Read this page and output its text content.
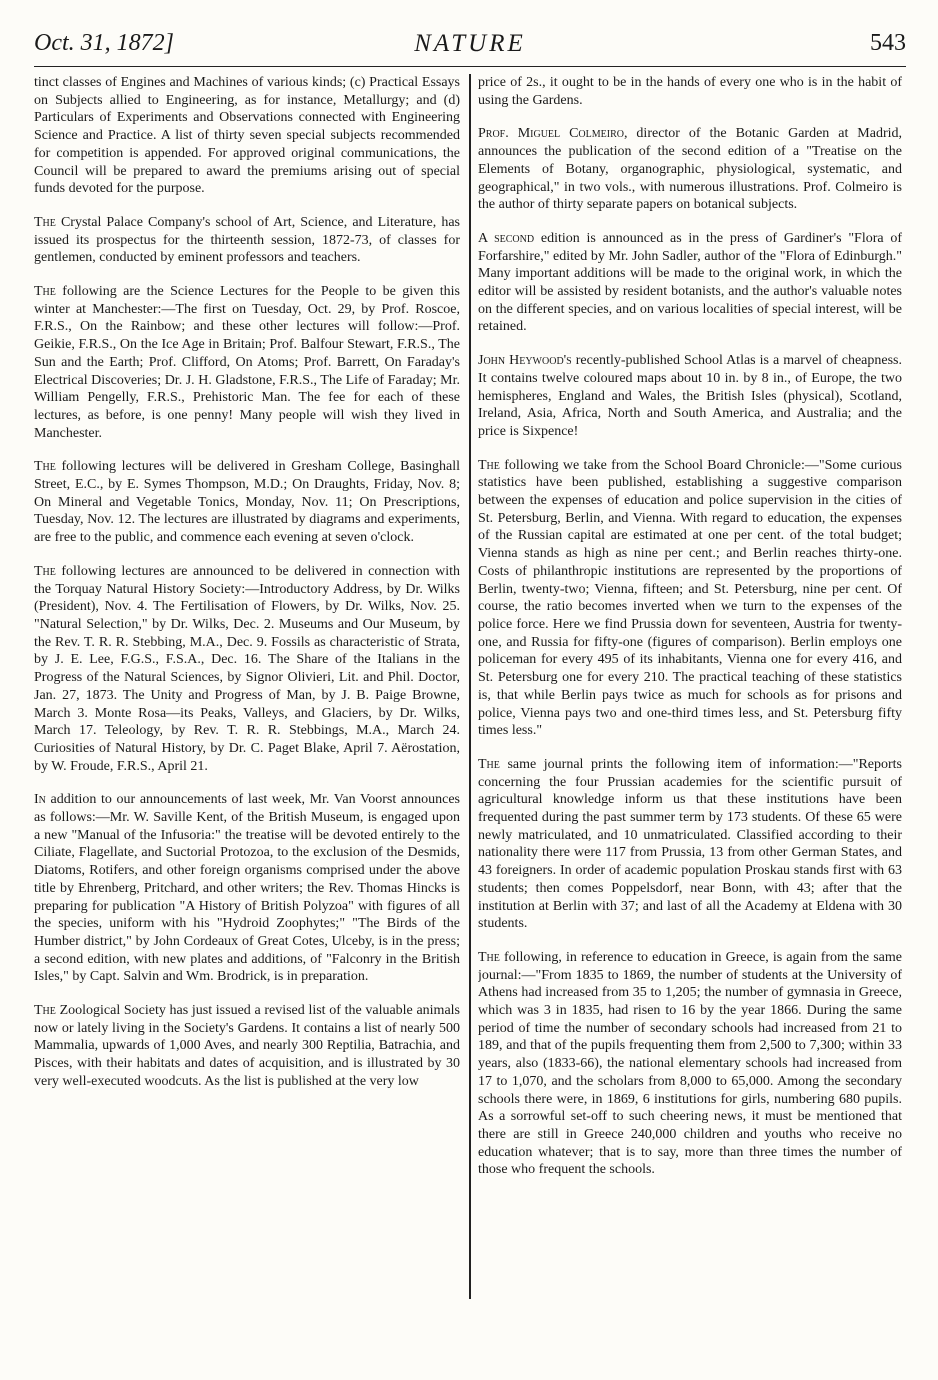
Oct. 31, 1872]	NATURE	543

tinct classes of Engines and Machines of various kinds; (c) Practical Essays on Subjects allied to Engineering, as for instance, Metallurgy; and (d) Particulars of Experiments and Observations connected with Engineering Science and Practice. A list of thirty seven special subjects recommended for competition is appended. For approved original communications, the Council will be prepared to award the premiums arising out of special funds devoted for the purpose.

The Crystal Palace Company's school of Art, Science, and Literature, has issued its prospectus for the thirteenth session, 1872-73, of classes for gentlemen, conducted by eminent professors and teachers.

The following are the Science Lectures for the People to be given this winter at Manchester:—The first on Tuesday, Oct. 29, by Prof. Roscoe, F.R.S., On the Rainbow; and these other lectures will follow:—Prof. Geikie, F.R.S., On the Ice Age in Britain; Prof. Balfour Stewart, F.R.S., The Sun and the Earth; Prof. Clifford, On Atoms; Prof. Barrett, On Faraday's Electrical Discoveries; Dr. J. H. Gladstone, F.R.S., The Life of Faraday; Mr. William Pengelly, F.R.S., Prehistoric Man. The fee for each of these lectures, as before, is one penny! Many people will wish they lived in Manchester.

The following lectures will be delivered in Gresham College, Basinghall Street, E.C., by E. Symes Thompson, M.D.; On Draughts, Friday, Nov. 8; On Mineral and Vegetable Tonics, Monday, Nov. 11; On Prescriptions, Tuesday, Nov. 12. The lectures are illustrated by diagrams and experiments, are free to the public, and commence each evening at seven o'clock.

The following lectures are announced to be delivered in connection with the Torquay Natural History Society:—Introductory Address, by Dr. Wilks (President), Nov. 4. The Fertilisation of Flowers, by Dr. Wilks, Nov. 25. "Natural Selection," by Dr. Wilks, Dec. 2. Museums and Our Museum, by the Rev. T. R. R. Stebbing, M.A., Dec. 9. Fossils as characteristic of Strata, by J. E. Lee, F.G.S., F.S.A., Dec. 16. The Share of the Italians in the Progress of the Natural Sciences, by Signor Olivieri, Lit. and Phil. Doctor, Jan. 27, 1873. The Unity and Progress of Man, by J. B. Paige Browne, March 3. Monte Rosa—its Peaks, Valleys, and Glaciers, by Dr. Wilks, March 17. Teleology, by Rev. T. R. R. Stebbings, M.A., March 24. Curiosities of Natural History, by Dr. C. Paget Blake, April 7. Aërostation, by W. Froude, F.R.S., April 21.

In addition to our announcements of last week, Mr. Van Voorst announces as follows:—Mr. W. Saville Kent, of the British Museum, is engaged upon a new "Manual of the Infusoria:" the treatise will be devoted entirely to the Ciliate, Flagellate, and Suctorial Protozoa, to the exclusion of the Desmids, Diatoms, Rotifers, and other foreign organisms comprised under the above title by Ehrenberg, Pritchard, and other writers; the Rev. Thomas Hincks is preparing for publication "A History of British Polyzoa" with figures of all the species, uniform with his "Hydroid Zoophytes;" "The Birds of the Humber district," by John Cordeaux of Great Cotes, Ulceby, is in the press; a second edition, with new plates and additions, of "Falconry in the British Isles," by Capt. Salvin and Wm. Brodrick, is in preparation.

The Zoological Society has just issued a revised list of the valuable animals now or lately living in the Society's Gardens. It contains a list of nearly 500 Mammalia, upwards of 1,000 Aves, and nearly 300 Reptilia, Batrachia, and Pisces, with their habitats and dates of acquisition, and is illustrated by 30 very well-executed woodcuts. As the list is published at the very low

price of 2s., it ought to be in the hands of every one who is in the habit of using the Gardens.

Prof. Miguel Colmeiro, director of the Botanic Garden at Madrid, announces the publication of the second edition of a "Treatise on the Elements of Botany, organographic, physiological, systematic, and geographical," in two vols., with numerous illustrations. Prof. Colmeiro is the author of thirty separate papers on botanical subjects.

A second edition is announced as in the press of Gardiner's "Flora of Forfarshire," edited by Mr. John Sadler, author of the "Flora of Edinburgh." Many important additions will be made to the original work, in which the editor will be assisted by resident botanists, and the author's valuable notes on the different species, and on various localities of special interest, will be retained.

John Heywood's recently-published School Atlas is a marvel of cheapness. It contains twelve coloured maps about 10 in. by 8 in., of Europe, the two hemispheres, England and Wales, the British Isles (physical), Scotland, Ireland, Asia, Africa, North and South America, and Australia; and the price is Sixpence!

The following we take from the School Board Chronicle:—"Some curious statistics have been published, establishing a suggestive comparison between the expenses of education and police supervision in the cities of St. Petersburg, Berlin, and Vienna. With regard to education, the expenses of the Russian capital are estimated at one per cent. of the total budget; Vienna stands as high as nine per cent.; and Berlin reaches thirty-one. Costs of philanthropic institutions are represented by the proportions of Berlin, twenty-two; Vienna, fifteen; and St. Petersburg, nine per cent. Of course, the ratio becomes inverted when we turn to the expenses of the police force. Here we find Prussia down for seventeen, Austria for twenty-one, and Russia for fifty-one (figures of comparison). Berlin employs one policeman for every 495 of its inhabitants, Vienna one for every 416, and St. Petersburg one for every 210. The practical teaching of these statistics is, that while Berlin pays twice as much for schools as for prisons and police, Vienna pays two and one-third times less, and St. Petersburg fifty times less."

The same journal prints the following item of information:—"Reports concerning the four Prussian academies for the scientific pursuit of agricultural knowledge inform us that these institutions have been frequented during the past summer term by 173 students. Of these 65 were newly matriculated, and 10 unmatriculated. Classified according to their nationality there were 117 from Prussia, 13 from other German States, and 43 foreigners. In order of academic population Proskau stands first with 63 students; then comes Poppelsdorf, near Bonn, with 43; after that the institution at Berlin with 37; and last of all the Academy at Eldena with 30 students.

The following, in reference to education in Greece, is again from the same journal:—"From 1835 to 1869, the number of students at the University of Athens had increased from 35 to 1,205; the number of gymnasia in Greece, which was 3 in 1835, had risen to 16 by the year 1866. During the same period of time the number of secondary schools had increased from 21 to 189, and that of the pupils frequenting them from 2,500 to 7,300; within 33 years, also (1833-66), the national elementary schools had increased from 17 to 1,070, and the scholars from 8,000 to 65,000. Among the secondary schools there were, in 1869, 6 institutions for girls, numbering 680 pupils. As a sorrowful set-off to such cheering news, it must be mentioned that there are still in Greece 240,000 children and youths who receive no education whatever; that is to say, more than three times the number of those who frequent the schools.
